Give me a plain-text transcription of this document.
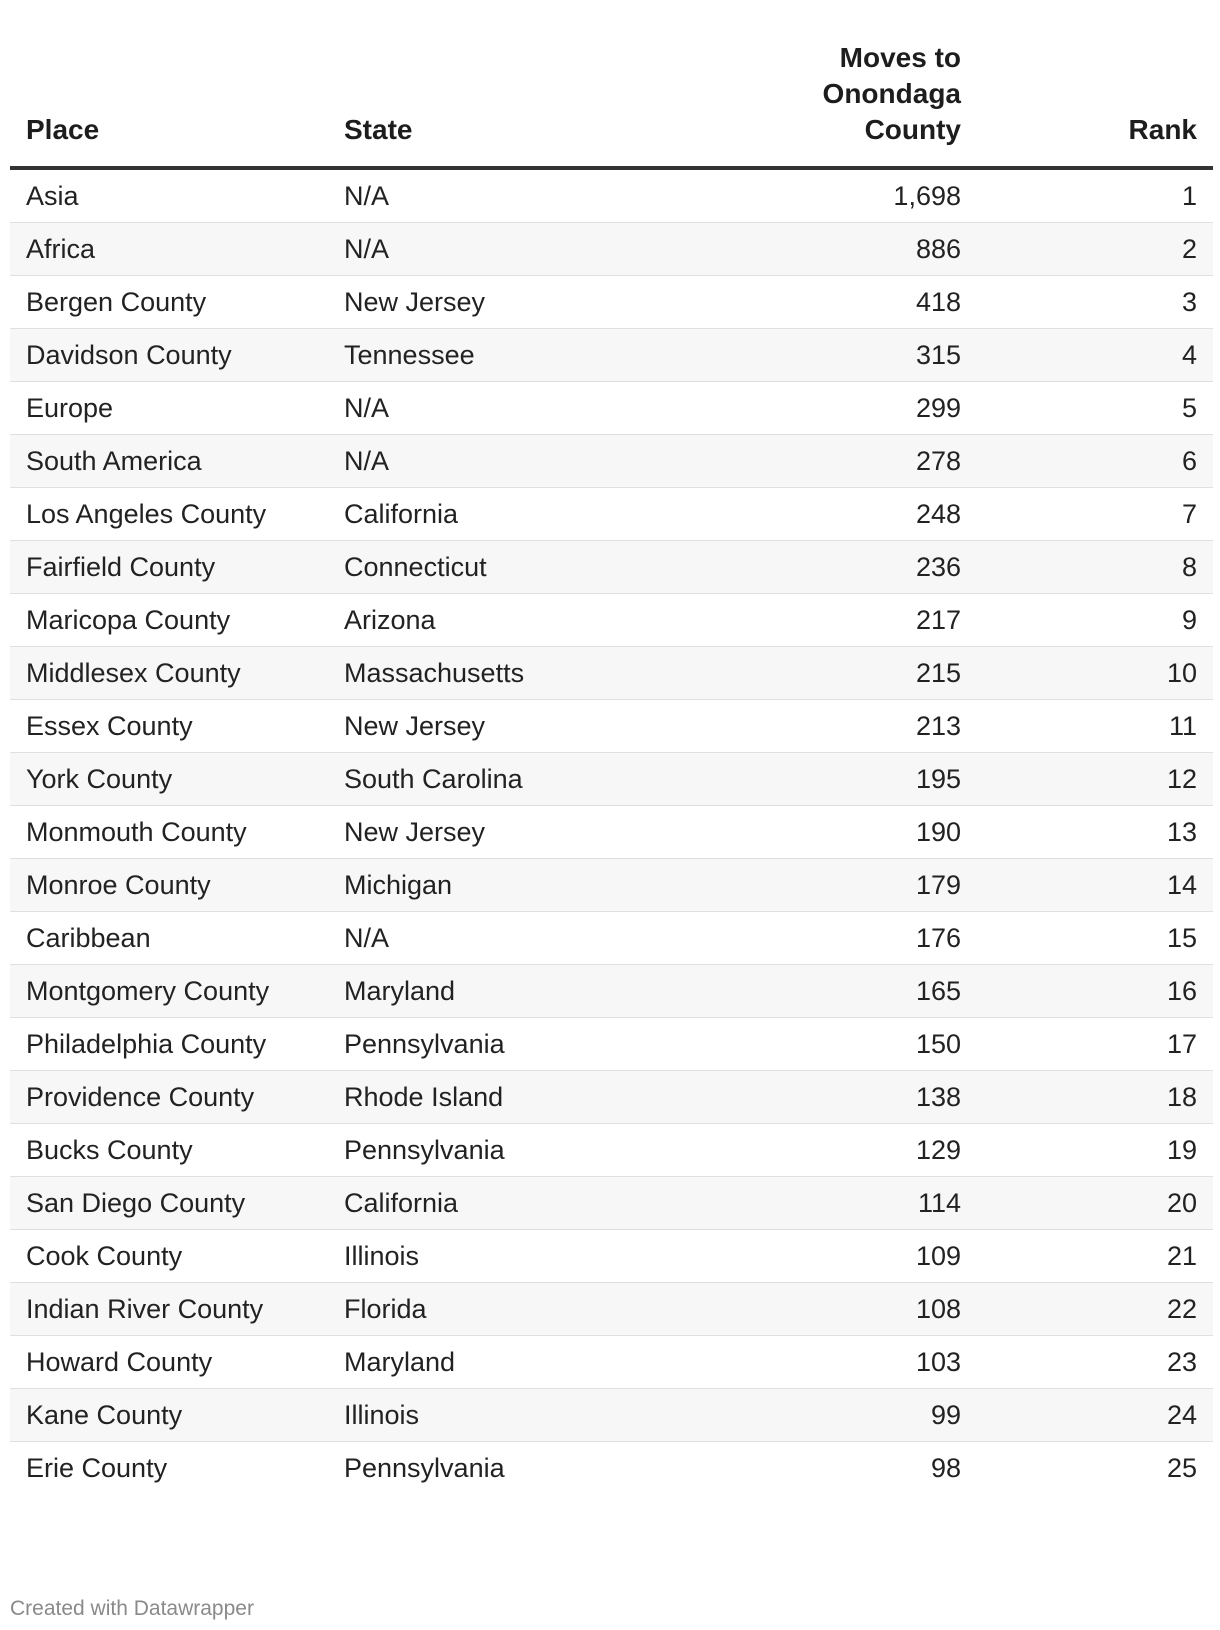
Place	State	Moves to Onondaga County	Rank
Asia	N/A	1,698	1
Africa	N/A	886	2
Bergen County	New Jersey	418	3
Davidson County	Tennessee	315	4
Europe	N/A	299	5
South America	N/A	278	6
Los Angeles County	California	248	7
Fairfield County	Connecticut	236	8
Maricopa County	Arizona	217	9
Middlesex County	Massachusetts	215	10
Essex County	New Jersey	213	11
York County	South Carolina	195	12
Monmouth County	New Jersey	190	13
Monroe County	Michigan	179	14
Caribbean	N/A	176	15
Montgomery County	Maryland	165	16
Philadelphia County	Pennsylvania	150	17
Providence County	Rhode Island	138	18
Bucks County	Pennsylvania	129	19
San Diego County	California	114	20
Cook County	Illinois	109	21
Indian River County	Florida	108	22
Howard County	Maryland	103	23
Kane County	Illinois	99	24
Erie County	Pennsylvania	98	25
Created with Datawrapper
